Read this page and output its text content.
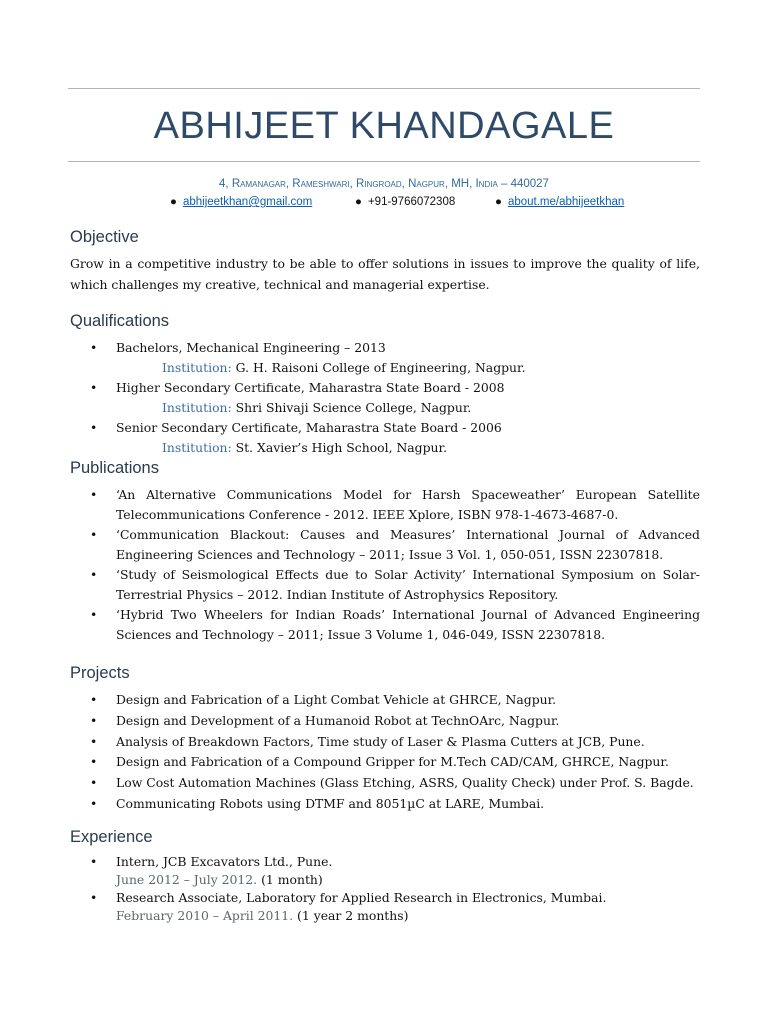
ABHIJEET KHANDAGALE
4, Ramanagar, Rameshwari, Ringroad, Nagpur, MH, India – 440027
● abhijeetkhan@gmail.com	● +91-9766072308	● about.me/abhijeetkhan
Objective
Grow in a competitive industry to be able to offer solutions in issues to improve the quality of life, which challenges my creative, technical and managerial expertise.
Qualifications
• Bachelors, Mechanical Engineering – 2013
Institution: G. H. Raisoni College of Engineering, Nagpur.
• Higher Secondary Certificate, Maharastra State Board - 2008
Institution: Shri Shivaji Science College, Nagpur.
• Senior Secondary Certificate, Maharastra State Board - 2006
Institution: St. Xavier’s High School, Nagpur.
Publications
• ‘An Alternative Communications Model for Harsh Spaceweather’ European Satellite Telecommunications Conference - 2012. IEEE Xplore, ISBN 978-1-4673-4687-0.
• ‘Communication Blackout: Causes and Measures’ International Journal of Advanced Engineering Sciences and Technology – 2011; Issue 3 Vol. 1, 050-051, ISSN 22307818.
• ‘Study of Seismological Effects due to Solar Activity’ International Symposium on Solar-Terrestrial Physics – 2012. Indian Institute of Astrophysics Repository.
• ‘Hybrid Two Wheelers for Indian Roads’ International Journal of Advanced Engineering Sciences and Technology – 2011; Issue 3 Volume 1, 046-049, ISSN 22307818.
Projects
• Design and Fabrication of a Light Combat Vehicle at GHRCE, Nagpur.
• Design and Development of a Humanoid Robot at TechnOArc, Nagpur.
• Analysis of Breakdown Factors, Time study of Laser & Plasma Cutters at JCB, Pune.
• Design and Fabrication of a Compound Gripper for M.Tech CAD/CAM, GHRCE, Nagpur.
• Low Cost Automation Machines (Glass Etching, ASRS, Quality Check) under Prof. S. Bagde.
• Communicating Robots using DTMF and 8051µC at LARE, Mumbai.
Experience
• Intern, JCB Excavators Ltd., Pune.
June 2012 – July 2012. (1 month)
• Research Associate, Laboratory for Applied Research in Electronics, Mumbai.
February 2010 – April 2011. (1 year 2 months)
